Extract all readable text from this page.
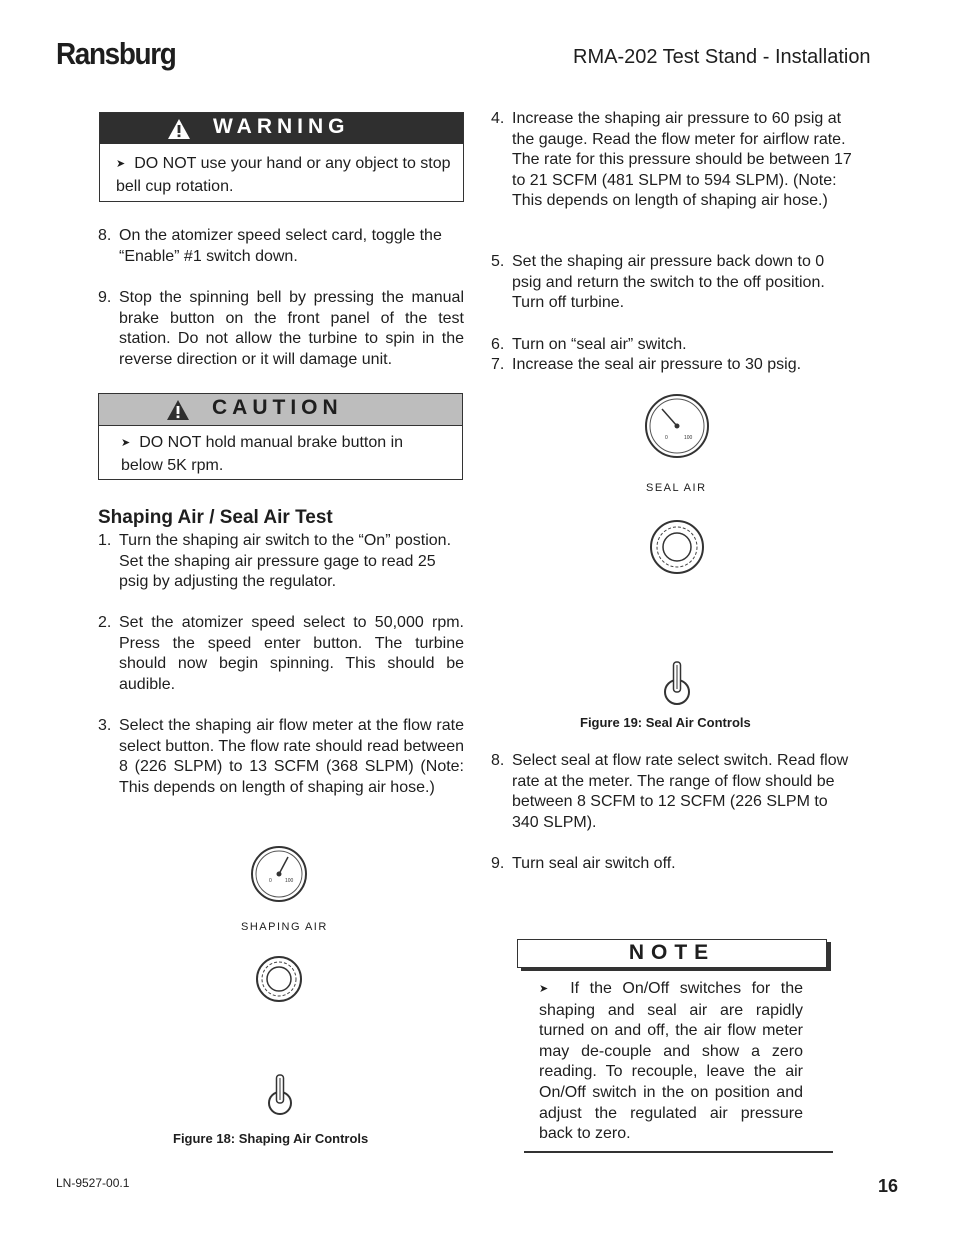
Ransburg	RMA-202 Test Stand - Installation
WARNING
➤ DO NOT use your hand or any object to stop bell cup rotation.
8. On the atomizer speed select card, toggle the “Enable” #1 switch down.
9. Stop the spinning bell by pressing the manual brake button on the front panel of the test station. Do not allow the turbine to spin in the reverse direction or it will damage unit.
CAUTION
➤ DO NOT hold manual brake button in below 5K rpm.
Shaping Air / Seal Air Test
1. Turn the shaping air switch to the “On” postion. Set the shaping air pressure gage to read 25 psig by adjusting the regulator.
2. Set the atomizer speed select to 50,000 rpm. Press the speed enter button. The turbine should now begin spinning. This should be audible.
3. Select the shaping air flow meter at the flow rate select button. The flow rate should read between 8 (226 SLPM) to 13 SCFM (368 SLPM) (Note: This depends on length of shaping air hose.)
0	100
SHAPING AIR
Figure 18: Shaping Air Controls
4. Increase the shaping air pressure to 60 psig at the gauge. Read the flow meter for airflow rate. The rate for this pressure should be between 17 to 21 SCFM (481 SLPM to 594 SLPM). (Note: This depends on length of shaping air hose.)
5. Set the shaping air pressure back down to 0 psig and return the switch to the off position. Turn off turbine.
6. Turn on “seal air” switch.
7. Increase the seal air pressure to 30 psig.
0	100
SEAL AIR
Figure 19: Seal Air Controls
8. Select seal at flow rate select switch. Read flow rate at the meter. The range of flow should be between 8 SCFM to 12 SCFM (226 SLPM to 340 SLPM).
9. Turn seal air switch off.
NOTE
➤ If the On/Off switches for the shaping and seal air are rapidly turned on and off, the air flow meter may de-couple and show a zero reading. To recouple, leave the air On/Off switch in the on position and adjust the regulated air pressure back to zero.
LN-9527-00.1	16
